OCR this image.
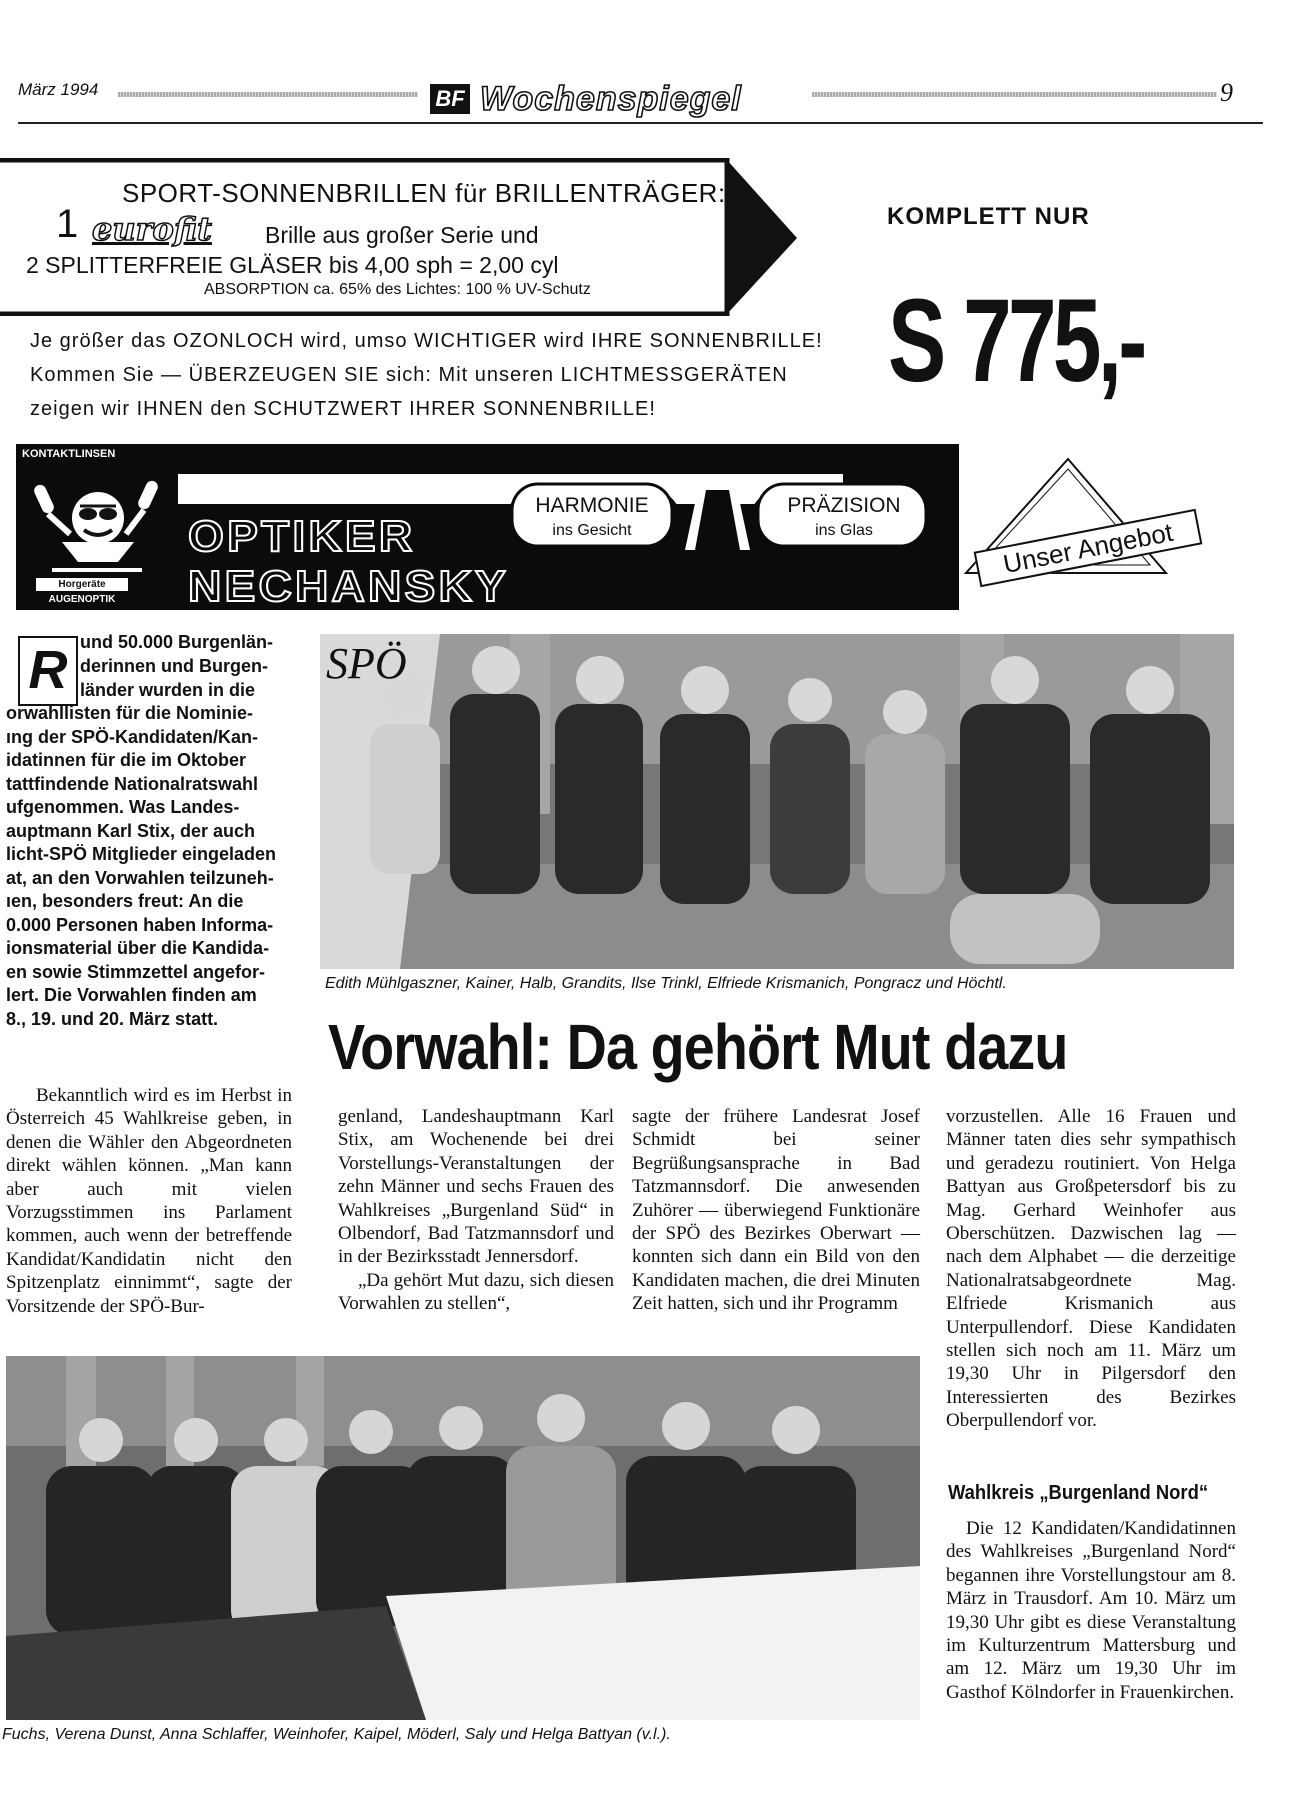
März 1994	BF Wochenspiegel	9
SPORT-SONNENBRILLEN für BRILLENTRÄGER:
1 eurofit Brille aus großer Serie und
2 SPLITTERFREIE GLÄSER bis 4,00 sph = 2,00 cyl
ABSORPTION ca. 65% des Lichtes: 100 % UV-Schutz
KOMPLETT NUR
S 775,-
Je größer das OZONLOCH wird, umso WICHTIGER wird IHRE SONNENBRILLE!
Kommen Sie — ÜBERZEUGEN SIE sich: Mit unseren LICHTMESSGERÄTEN
zeigen wir IHNEN den SCHUTZWERT IHRER SONNENBRILLE!
KONTAKTLINSEN
Horgeräte
AUGENOPTIK
OPTIKER
NECHANSKY
HARMONIE
ins Gesicht
PRÄZISION
ins Glas	Unser Angebot
R und 50.000 Burgenlän-
derinnen und Burgen-
länder wurden in die
orwahllisten für die Nominie-
ıng der SPÖ-Kandidaten/Kan-
idatinnen für die im Oktober
tattfindende Nationalratswahl
ufgenommen. Was Landes-
auptmann Karl Stix, der auch
licht-SPÖ Mitglieder eingeladen
at, an den Vorwahlen teilzuneh-
ıen, besonders freut: An die
0.000 Personen haben Informa-
ionsmaterial über die Kandida-
en sowie Stimmzettel angefor-
lert. Die Vorwahlen finden am
8., 19. und 20. März statt.

Bekanntlich wird es im Herbst in Österreich 45 Wahlkreise geben, in denen die Wähler den Abgeordneten direkt wählen können. „Man kann aber auch mit vielen Vorzugsstimmen ins Parlament kommen, auch wenn der betreffende Kandidat/Kandidatin nicht den Spitzenplatz einnimmt“, sagte der Vorsitzende der SPÖ-Bur-

SPÖ
Edith Mühlgaszner, Kainer, Halb, Grandits, Ilse Trinkl, Elfriede Krismanich, Pongracz und Höchtl.
Vorwahl: Da gehört Mut dazu

genland, Landeshauptmann Karl Stix, am Wochenende bei drei Vorstellungs-Veranstaltungen der zehn Männer und sechs Frauen des Wahlkreises „Burgenland Süd“ in Olbendorf, Bad Tatzmannsdorf und in der Bezirksstadt Jennersdorf.

„Da gehört Mut dazu, sich diesen Vorwahlen zu stellen“,

sagte der frühere Landesrat Josef Schmidt bei seiner Begrüßungsansprache in Bad Tatzmannsdorf. Die anwesenden Zuhörer — überwiegend Funktionäre der SPÖ des Bezirkes Oberwart — konnten sich dann ein Bild von den Kandidaten machen, die drei Minuten Zeit hatten, sich und ihr Programm

vorzustellen. Alle 16 Frauen und Männer taten dies sehr sympathisch und geradezu routiniert. Von Helga Battyan aus Großpetersdorf bis zu Mag. Gerhard Weinhofer aus Oberschützen. Dazwischen lag — nach dem Alphabet — die derzeitige Nationalratsabgeordnete Mag. Elfriede Krismanich aus Unterpullendorf. Diese Kandidaten stellen sich noch am 11. März um 19,30 Uhr in Pilgersdorf den Interessierten des Bezirkes Oberpullendorf vor.

Wahlkreis „Burgenland Nord“

Die 12 Kandidaten/Kandidatinnen des Wahlkreises „Burgenland Nord“ begannen ihre Vorstellungstour am 8. März in Trausdorf. Am 10. März um 19,30 Uhr gibt es diese Veranstaltung im Kulturzentrum Mattersburg und am 12. März um 19,30 Uhr im Gasthof Kölndorfer in Frauenkirchen.

Fuchs, Verena Dunst, Anna Schlaffer, Weinhofer, Kaipel, Möderl, Saly und Helga Battyan (v.l.).
